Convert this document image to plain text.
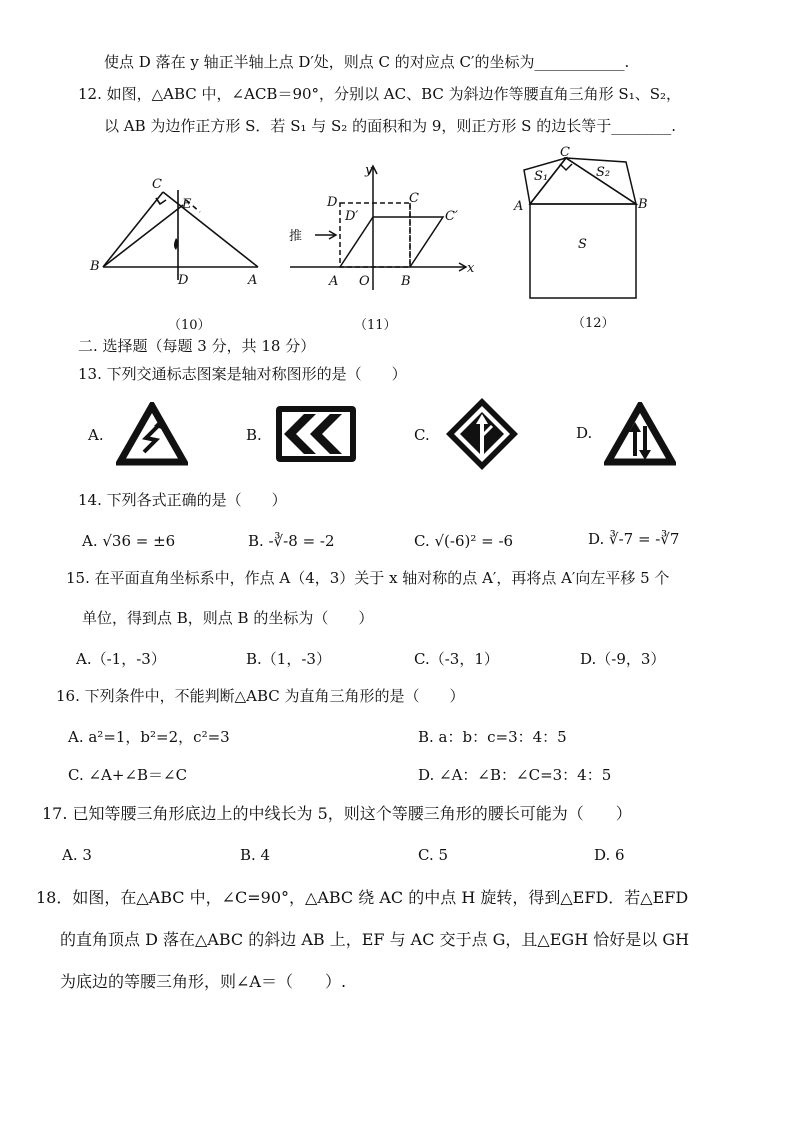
使点 D 落在 y 轴正半轴上点 D′处，则点 C 的对应点 C′的坐标为____________.
12. 如图，△ABC 中，∠ACB＝90°，分别以 AC、BC 为斜边作等腰直角三角形 S₁、S₂，
以 AB 为边作正方形 S．若 S₁ 与 S₂ 的面积和为 9，则正方形 S 的边长等于________.
C
E
B
D	A
（10）
y
D	C
D′	C′
推
A O B
x
（11）
C
S₁	S₂
A	B
S
（12）
二. 选择题（每题 3 分，共 18 分）
13. 下列交通标志图案是轴对称图形的是（　　）
A.	B.	C.	D.
14. 下列各式正确的是（　　）
A. √36 = ±6	B. -∛-8 = -2	C. √(-6)² = -6	D. ∛-7 = -∛7
15. 在平面直角坐标系中，作点 A（4，3）关于 x 轴对称的点 A′，再将点 A′向左平移 5 个
单位，得到点 B，则点 B 的坐标为（　　）
A.（-1，-3）	B.（1，-3）	C.（-3，1）	D.（-9，3）
16. 下列条件中，不能判断△ABC 为直角三角形的是（　　）
A. a²=1，b²=2，c²=3	B. a：b：c=3：4：5
C. ∠A+∠B＝∠C	D. ∠A：∠B：∠C=3：4：5
17. 已知等腰三角形底边上的中线长为 5，则这个等腰三角形的腰长可能为（　　）
A. 3	B. 4	C. 5	D. 6
18．如图，在△ABC 中，∠C=90°，△ABC 绕 AC 的中点 H 旋转，得到△EFD．若△EFD
的直角顶点 D 落在△ABC 的斜边 AB 上，EF 与 AC 交于点 G，且△EGH 恰好是以 GH
为底边的等腰三角形，则∠A＝（　　）.
